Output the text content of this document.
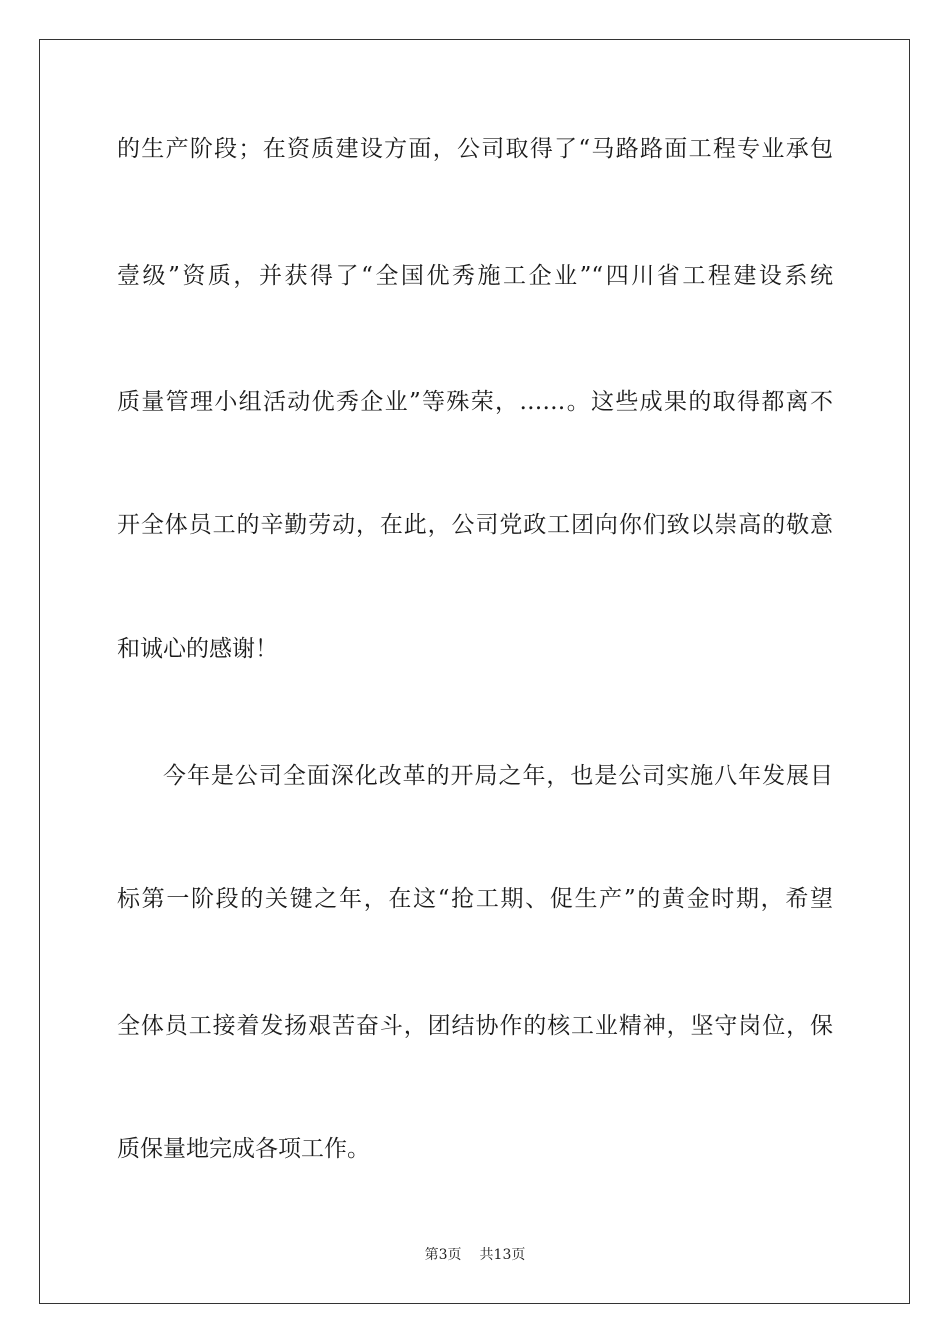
的生产阶段；在资质建设方面，公司取得了“马路路面工程专业承包
壹级”资质，并获得了“全国优秀施工企业”“四川省工程建设系统
质量管理小组活动优秀企业”等殊荣，……。这些成果的取得都离不
开全体员工的辛勤劳动，在此，公司党政工团向你们致以崇高的敬意
和诚心的感谢！
今年是公司全面深化改革的开局之年，也是公司实施八年发展目
标第一阶段的关键之年，在这“抢工期、促生产”的黄金时期，希望
全体员工接着发扬艰苦奋斗，团结协作的核工业精神，坚守岗位，保
质保量地完成各项工作。
第3页 共13页
